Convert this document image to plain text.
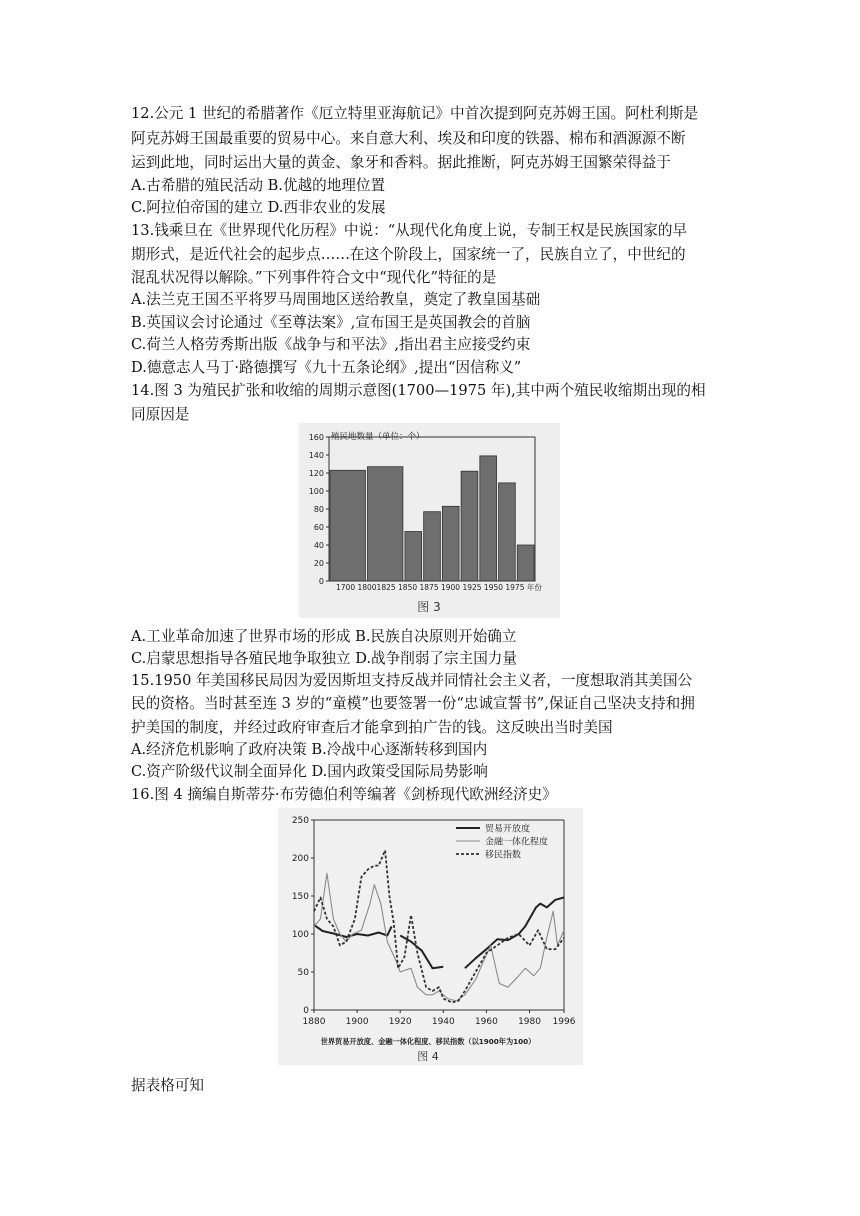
12.公元 1 世纪的希腊著作《厄立特里亚海航记》中首次提到阿克苏姆王国。阿杜利斯是
阿克苏姆王国最重要的贸易中心。来自意大利、埃及和印度的铁器、棉布和酒源源不断
运到此地，同时运出大量的黄金、象牙和香料。据此推断，阿克苏姆王国繁荣得益于
A.古希腊的殖民活动 B.优越的地理位置
C.阿拉伯帝国的建立 D.西非农业的发展
13.钱乘旦在《世界现代化历程》中说：“从现代化角度上说，专制王权是民族国家的早
期形式，是近代社会的起步点……在这个阶段上，国家统一了，民族自立了，中世纪的
混乱状况得以解除。”下列事件符合文中“现代化”特征的是
A.法兰克王国丕平将罗马周围地区送给教皇，奠定了教皇国基础
B.英国议会讨论通过《至尊法案》,宣布国王是英国教会的首脑
C.荷兰人格劳秀斯出版《战争与和平法》,指出君主应接受约束
D.德意志人马丁·路德撰写《九十五条论纲》,提出“因信称义”
14.图 3 为殖民扩张和收缩的周期示意图(1700—1975 年),其中两个殖民收缩期出现的相
同原因是
殖民地数量（单位：个）
1700 18001825 1850 1875 1900 1925 1950 1975 年份
图 3
0
20
40
60
80
100
120
140
160
A.工业革命加速了世界市场的形成 B.民族自决原则开始确立
C.启蒙思想指导各殖民地争取独立 D.战争削弱了宗主国力量
15.1950 年美国移民局因为爱因斯坦支持反战并同情社会主义者，一度想取消其美国公
民的资格。当时甚至连 3 岁的“童模”也要签署一份“忠诚宣誓书”,保证自己坚决支持和拥
护美国的制度，并经过政府审查后才能拿到拍广告的钱。这反映出当时美国
A.经济危机影响了政府决策 B.冷战中心逐渐转移到国内
C.资产阶级代议制全面异化 D.国内政策受国际局势影响
16.图 4 摘编自斯蒂芬·布劳德伯利等编著《剑桥现代欧洲经济史》
世界贸易开放度、金融一体化程度、移民指数（以1900年为100）
图 4
0
50
100
150
200
250
1880 1900 1920 1940 1960 1980 1996
贸易开放度
金融一体化程度
移民指数
据表格可知
